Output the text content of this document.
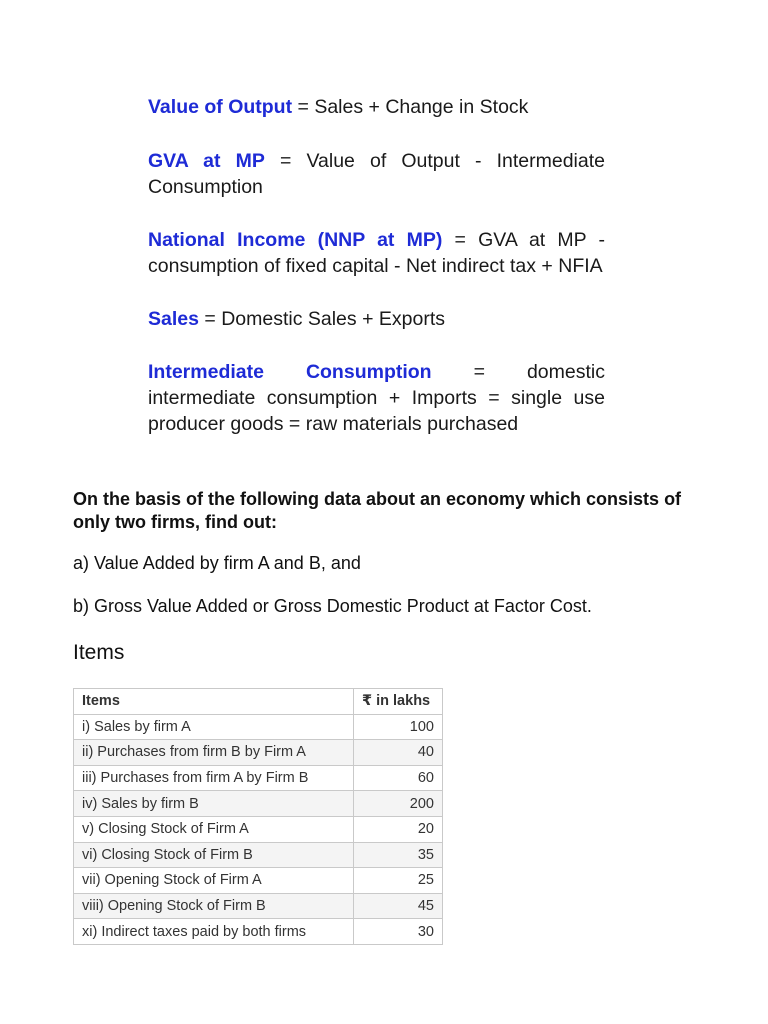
Value of Output = Sales + Change in Stock

GVA at MP = Value of Output - Intermediate Consumption

National Income (NNP at MP) = GVA at MP - consumption of fixed capital - Net indirect tax + NFIA

Sales = Domestic Sales + Exports

Intermediate Consumption = domestic intermediate consumption + Imports = single use producer goods = raw materials purchased

On the basis of the following data about an economy which consists of only two firms, find out:
a) Value Added by firm A and B, and
b) Gross Value Added or Gross Domestic Product at Factor Cost.
Items
Items	₹ in lakhs
i) Sales by firm A	100
ii) Purchases from firm B by Firm A	40
iii) Purchases from firm A by Firm B	60
iv) Sales by firm B	200
v) Closing Stock of Firm A	20
vi) Closing Stock of Firm B	35
vii) Opening Stock of Firm A	25
viii) Opening Stock of Firm B	45
xi) Indirect taxes paid by both firms	30
